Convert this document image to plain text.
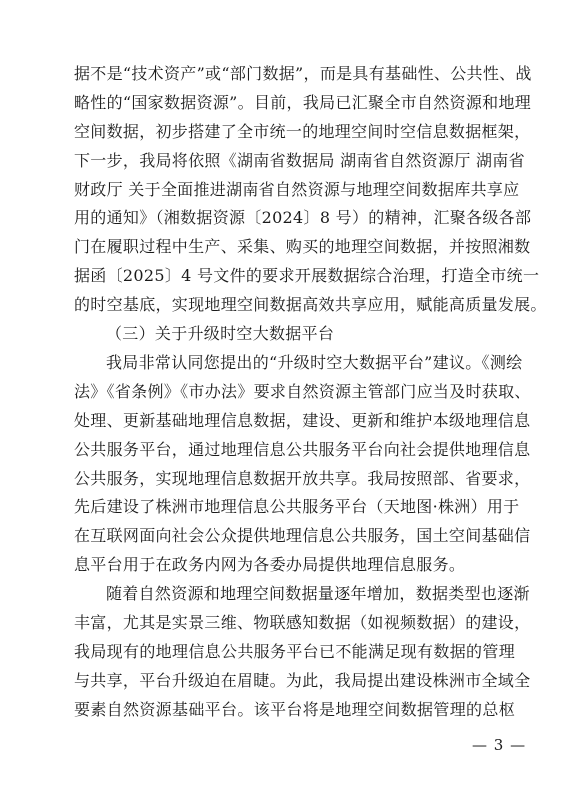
据不是“技术资产”或“部门数据”，而是具有基础性、公共性、战
略性的“国家数据资源”。目前，我局已汇聚全市自然资源和地理
空间数据，初步搭建了全市统一的地理空间时空信息数据框架，
下一步，我局将依照《湖南省数据局 湖南省自然资源厅 湖南省
财政厅 关于全面推进湖南省自然资源与地理空间数据库共享应
用的通知》（湘数据资源〔2024〕8 号）的精神，汇聚各级各部
门在履职过程中生产、采集、购买的地理空间数据，并按照湘数
据函〔2025〕4 号文件的要求开展数据综合治理，打造全市统一
的时空基底，实现地理空间数据高效共享应用，赋能高质量发展。
（三）关于升级时空大数据平台
我局非常认同您提出的“升级时空大数据平台”建议。《测绘
法》《省条例》《市办法》要求自然资源主管部门应当及时获取、
处理、更新基础地理信息数据，建设、更新和维护本级地理信息
公共服务平台，通过地理信息公共服务平台向社会提供地理信息
公共服务，实现地理信息数据开放共享。我局按照部、省要求，
先后建设了株洲市地理信息公共服务平台（天地图·株洲）用于
在互联网面向社会公众提供地理信息公共服务，国土空间基础信
息平台用于在政务内网为各委办局提供地理信息服务。
随着自然资源和地理空间数据量逐年增加，数据类型也逐渐
丰富，尤其是实景三维、物联感知数据（如视频数据）的建设，
我局现有的地理信息公共服务平台已不能满足现有数据的管理
与共享，平台升级迫在眉睫。为此，我局提出建设株洲市全域全
要素自然资源基础平台。该平台将是地理空间数据管理的总枢
— 3 —
